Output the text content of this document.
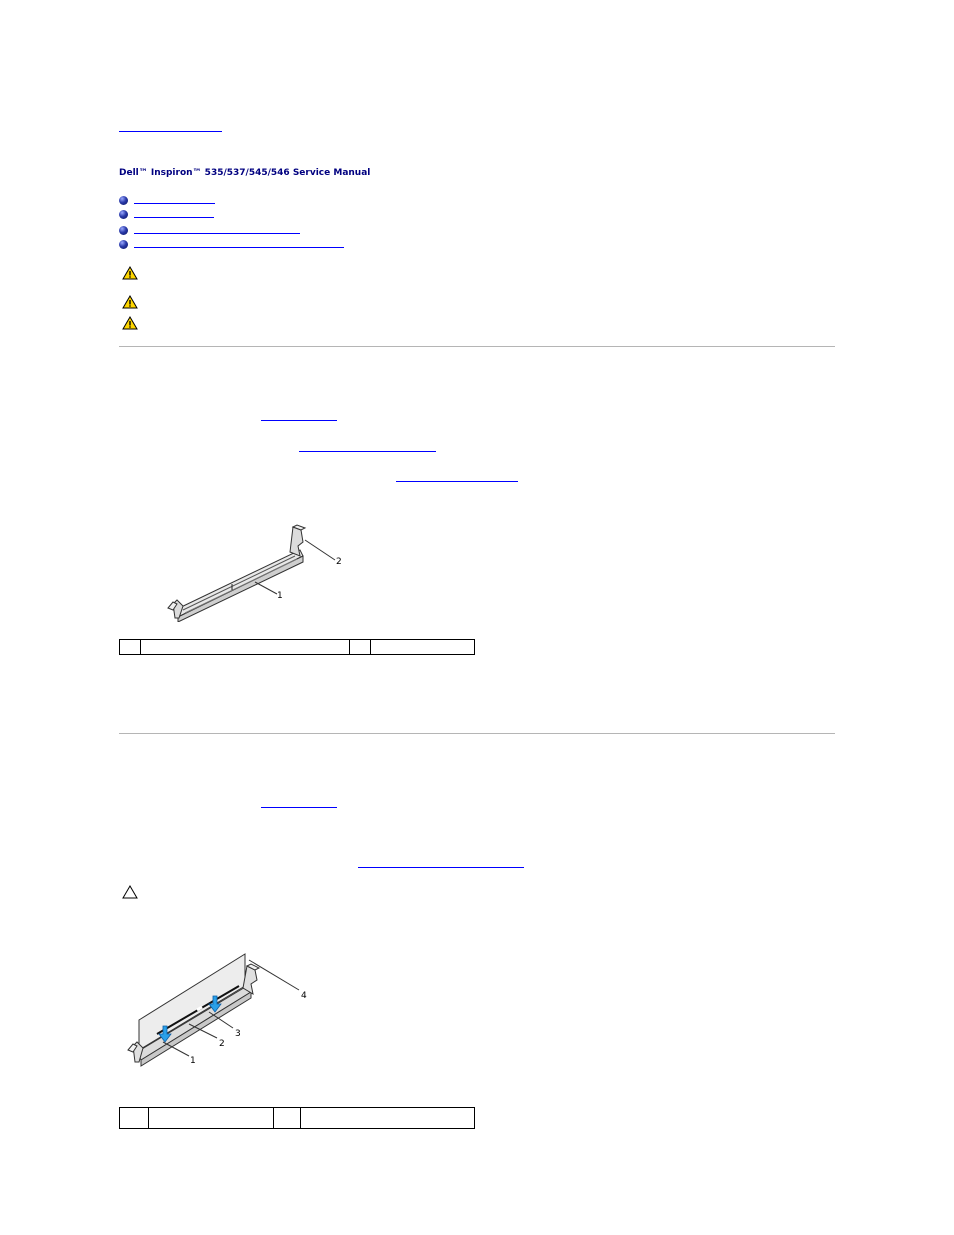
Dell™ Inspiron™ 535/537/545/546 Service Manual
2
1

4
3
2
1
